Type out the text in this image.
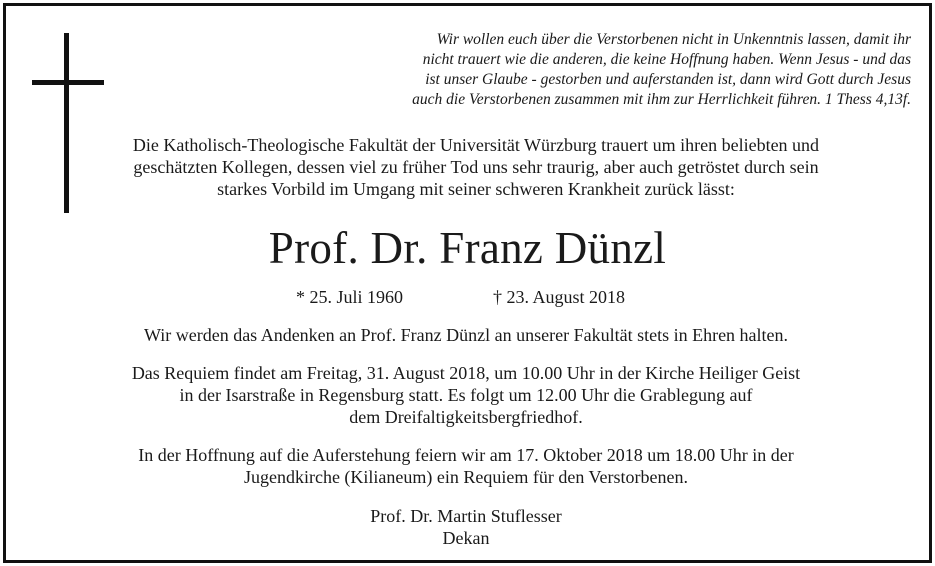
Wir wollen euch über die Verstorbenen nicht in Unkenntnis lassen, damit ihr
nicht trauert wie die anderen, die keine Hoffnung haben. Wenn Jesus - und das
ist unser Glaube - gestorben und auferstanden ist, dann wird Gott durch Jesus
auch die Verstorbenen zusammen mit ihm zur Herrlichkeit führen. 1 Thess 4,13f.
Die Katholisch-Theologische Fakultät der Universität Würzburg trauert um ihren beliebten und
geschätzten Kollegen, dessen viel zu früher Tod uns sehr traurig, aber auch getröstet durch sein
starkes Vorbild im Umgang mit seiner schweren Krankheit zurück lässt:
Prof. Dr. Franz Dünzl
* 25. Juli 1960	† 23. August 2018
Wir werden das Andenken an Prof. Franz Dünzl an unserer Fakultät stets in Ehren halten.
Das Requiem findet am Freitag, 31. August 2018, um 10.00 Uhr in der Kirche Heiliger Geist
in der Isarstraße in Regensburg statt. Es folgt um 12.00 Uhr die Grablegung auf
dem Dreifaltigkeitsbergfriedhof.
In der Hoffnung auf die Auferstehung feiern wir am 17. Oktober 2018 um 18.00 Uhr in der
Jugendkirche (Kilianeum) ein Requiem für den Verstorbenen.
Prof. Dr. Martin Stuflesser
Dekan
